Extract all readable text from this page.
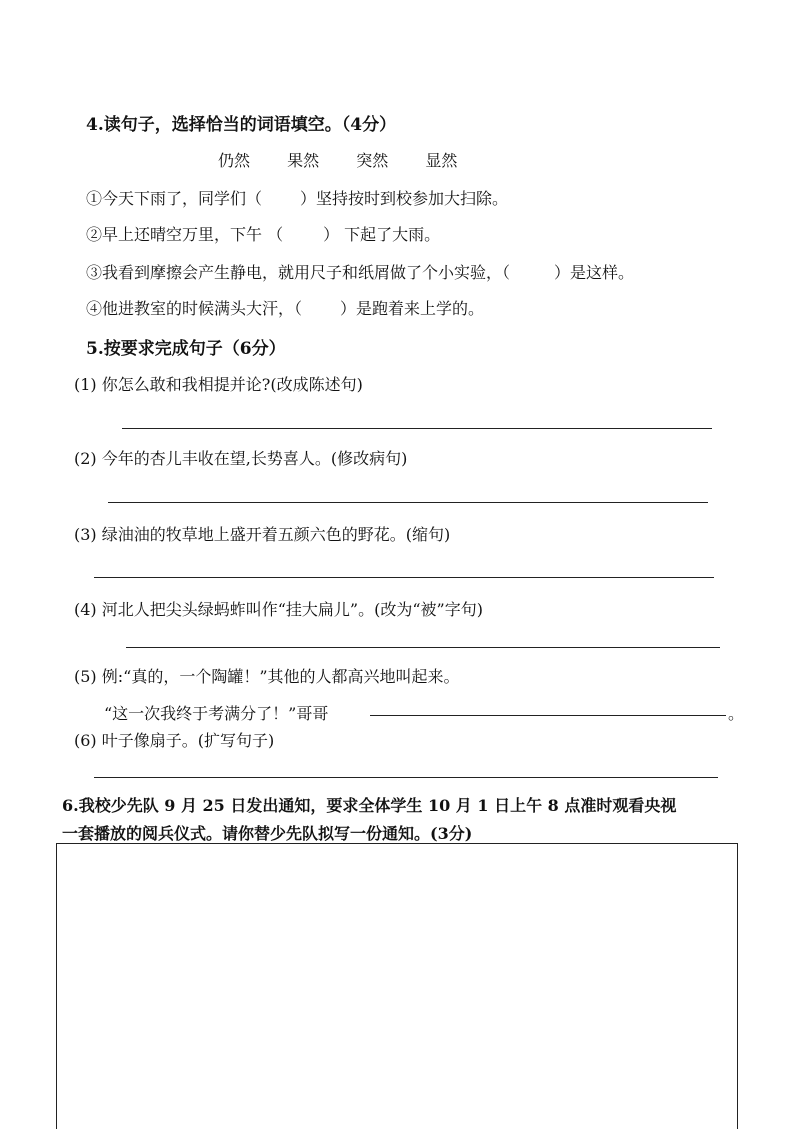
4.读句子，选择恰当的词语填空。（4分）
仍然 果然 突然 显然
①今天下雨了，同学们（ ）坚持按时到校参加大扫除。
②早上还晴空万里，下午 （	） 下起了大雨。
③我看到摩擦会产生静电，就用尺子和纸屑做了个小实验，（	）是这样。
④他进教室的时候满头大汗，（ ）是跑着来上学的。
5.按要求完成句子（6分）
(1) 你怎么敢和我相提并论?(改成陈述句)
(2) 今年的杏儿丰收在望,长势喜人。(修改病句)
(3) 绿油油的牧草地上盛开着五颜六色的野花。(缩句)
(4) 河北人把尖头绿蚂蚱叫作“挂大扁儿”。(改为“被”字句)
(5) 例:“真的，一个陶罐！”其他的人都高兴地叫起来。
“这一次我终于考满分了！”哥哥	。
(6) 叶子像扇子。(扩写句子)
6.我校少先队 9 月 25 日发出通知，要求全体学生 10 月 1 日上午 8 点准时观看央视
一套播放的阅兵仪式。请你替少先队拟写一份通知。(3分)
